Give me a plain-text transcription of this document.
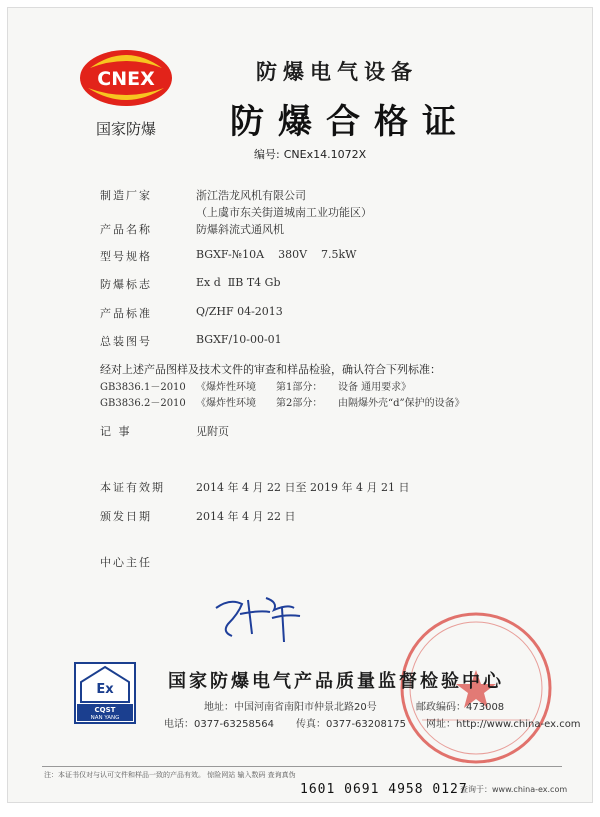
CNEX
国家防爆
防爆电气设备
防爆合格证
编号: CNEx14.1072X
制造厂家	浙江浩龙风机有限公司
（上虞市东关街道城南工业功能区）
产品名称	防爆斜流式通风机
型号规格	BGXF-№10A    380V    7.5kW
防爆标志	Ex d  ⅡB T4 Gb
产品标准	Q/ZHF 04-2013
总装图号	BGXF/10-00-01
经对上述产品图样及技术文件的审查和样品检验，确认符合下列标准：
GB3836.1－2010 《爆炸性环境 第1部分： 设备 通用要求》
GB3836.2－2010 《爆炸性环境 第2部分： 由隔爆外壳“d”保护的设备》
记 事	见附页
本证有效期	2014 年 4 月 22 日至 2019 年 4 月 21 日
颁发日期	2014 年 4 月 22 日
中心主任
Ex
CQST
NAN YANG
国家防爆电气产品质量监督检验中心
地址：中国河南省南阳市仲景北路20号	邮政编码：473008
电话：0377-63258564 传真：0377-63208175 网址：http://www.china-ex.com
注：本证书仅对与认可文件和样品一致的产品有效。 惊险网站 输入数码 查询真伪
1601 0691 4958 0127
查询于：www.china-ex.com
